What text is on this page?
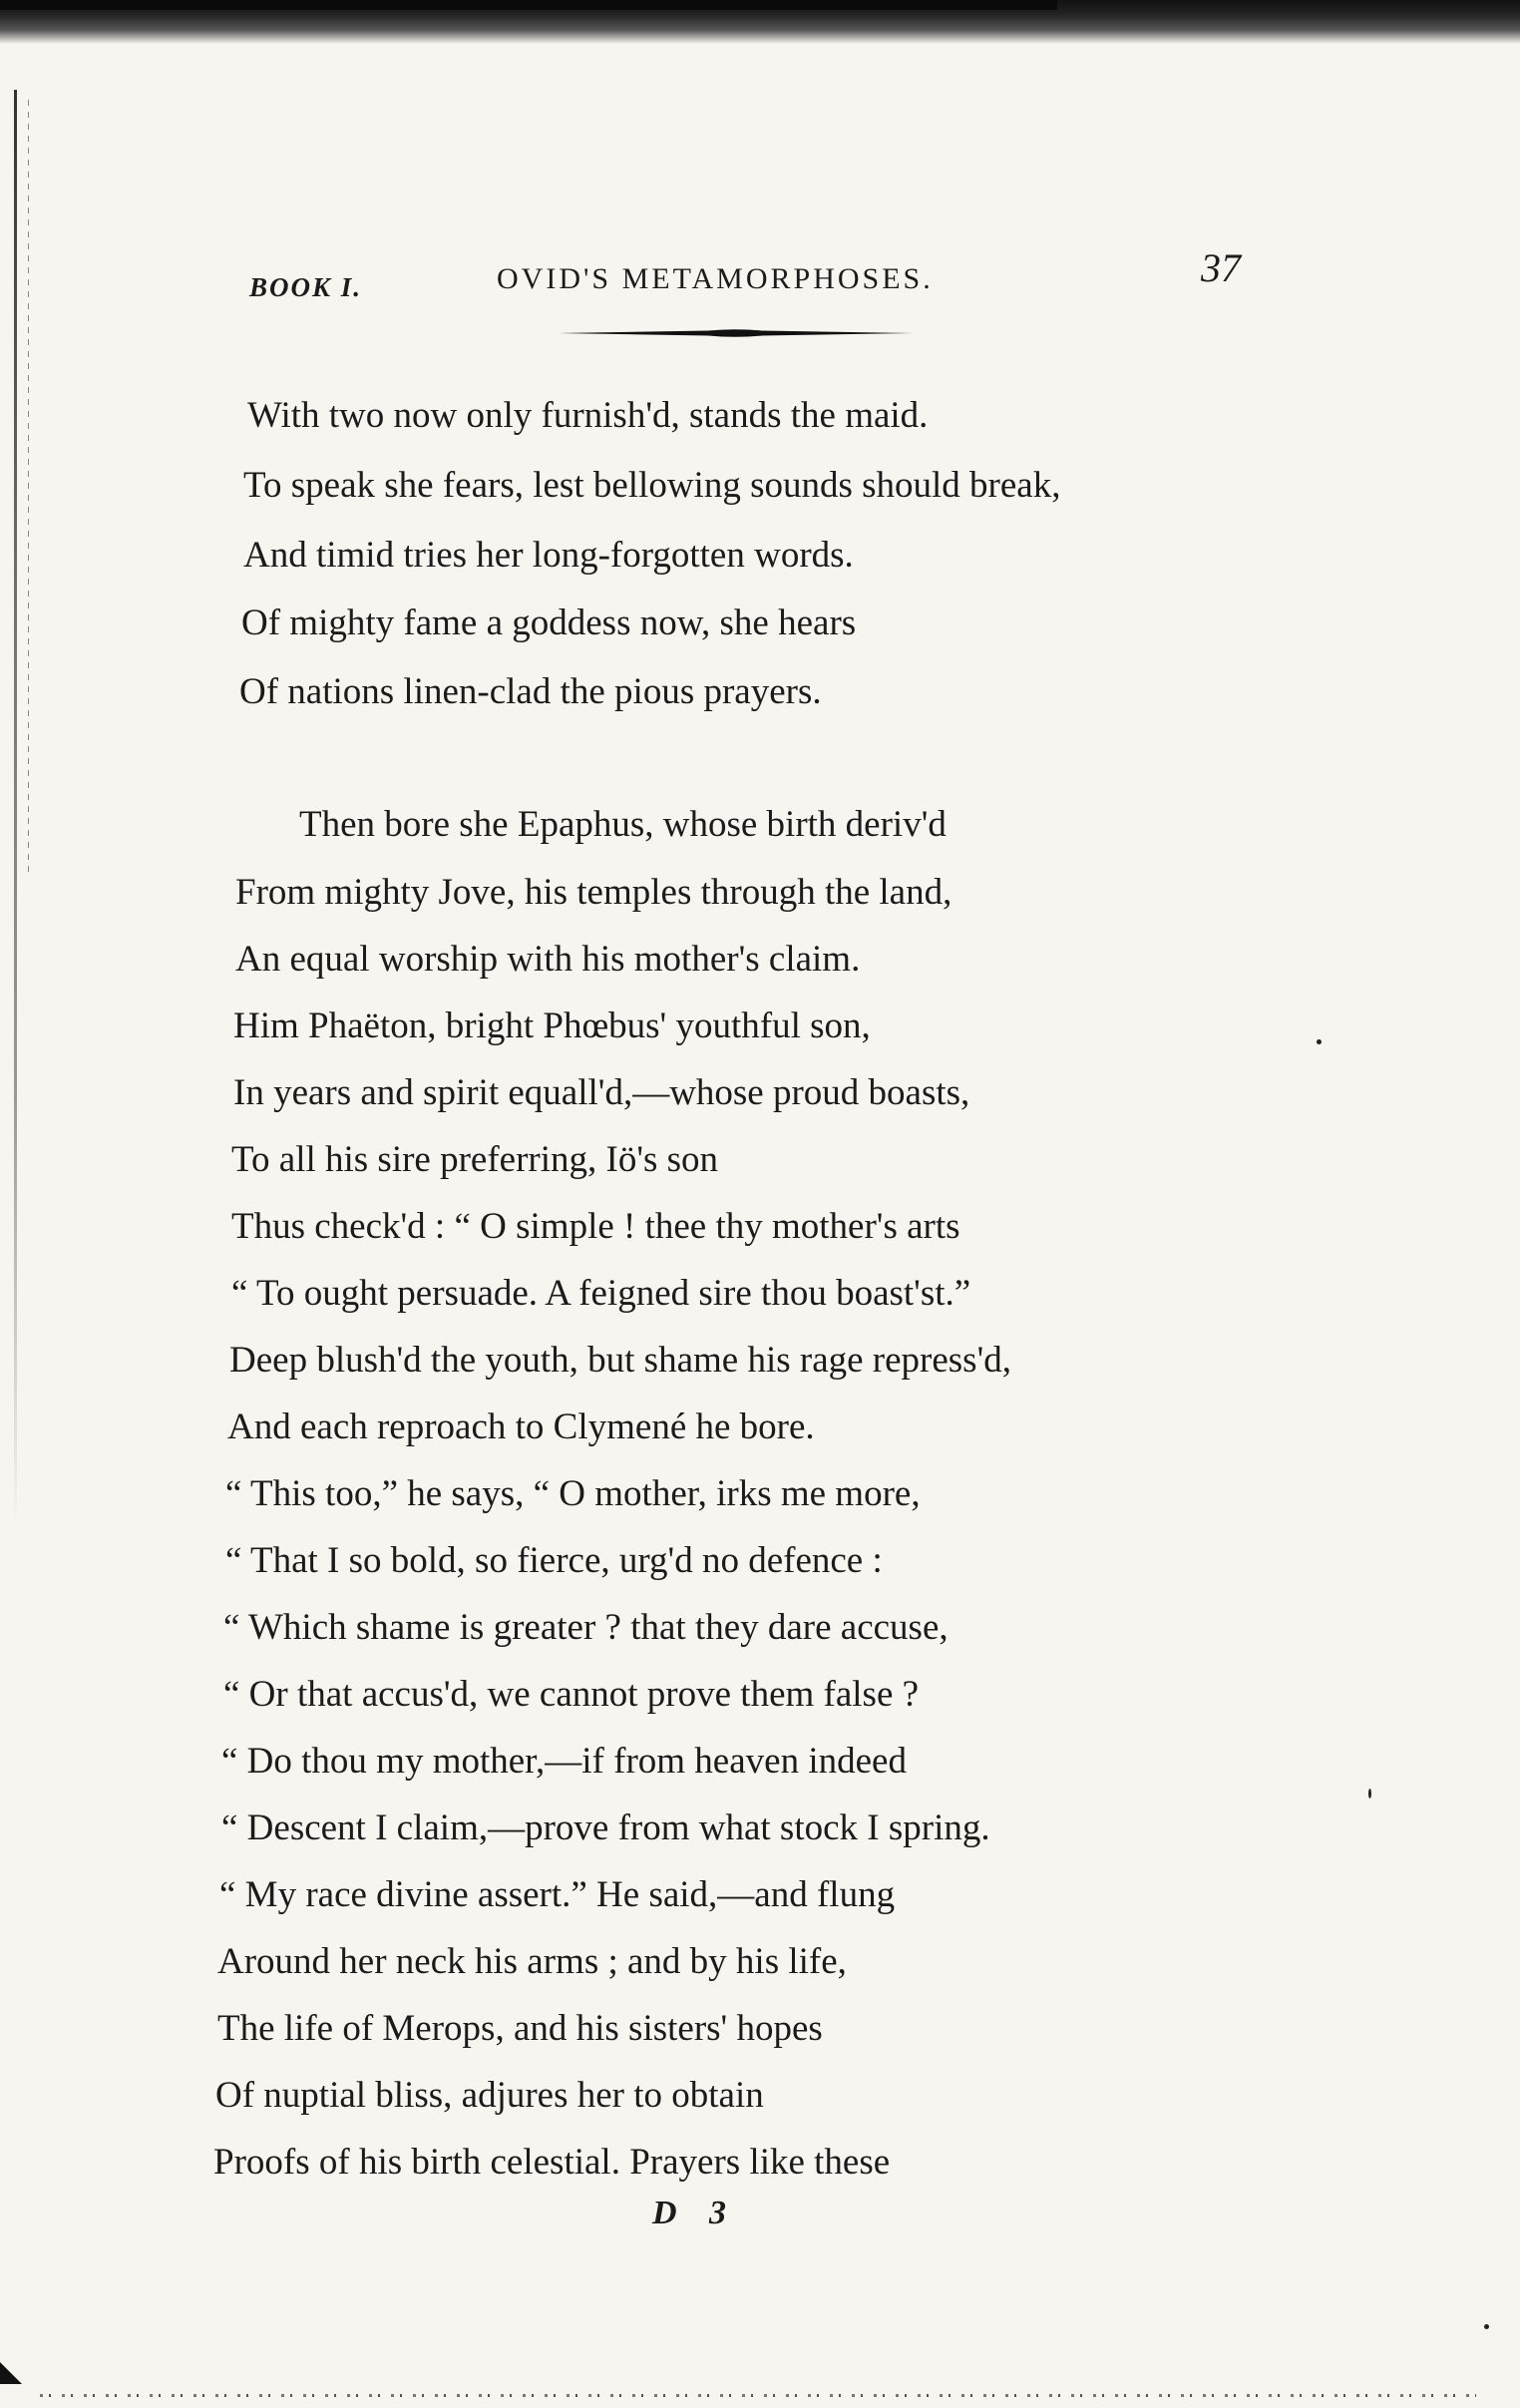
BOOK I.	OVID'S METAMORPHOSES.	37
With two now only furnish'd, stands the maid.
To speak she fears, lest bellowing sounds should break,
And timid tries her long-forgotten words.
Of mighty fame a goddess now, she hears
Of nations linen-clad the pious prayers.
Then bore she Epaphus, whose birth deriv'd
From mighty Jove, his temples through the land,
An equal worship with his mother's claim.
Him Phaëton, bright Phœbus' youthful son,
In years and spirit equall'd,—whose proud boasts,
To all his sire preferring, Iö's son
Thus check'd : “ O simple ! thee thy mother's arts
“ To ought persuade. A feigned sire thou boast'st.”
Deep blush'd the youth, but shame his rage repress'd,
And each reproach to Clymené he bore.
“ This too,” he says, “ O mother, irks me more,
“ That I so bold, so fierce, urg'd no defence :
“ Which shame is greater ? that they dare accuse,
“ Or that accus'd, we cannot prove them false ?
“ Do thou my mother,—if from heaven indeed
“ Descent I claim,—prove from what stock I spring.
“ My race divine assert.” He said,—and flung
Around her neck his arms ; and by his life,
The life of Merops, and his sisters' hopes
Of nuptial bliss, adjures her to obtain
Proofs of his birth celestial. Prayers like these
D 3
